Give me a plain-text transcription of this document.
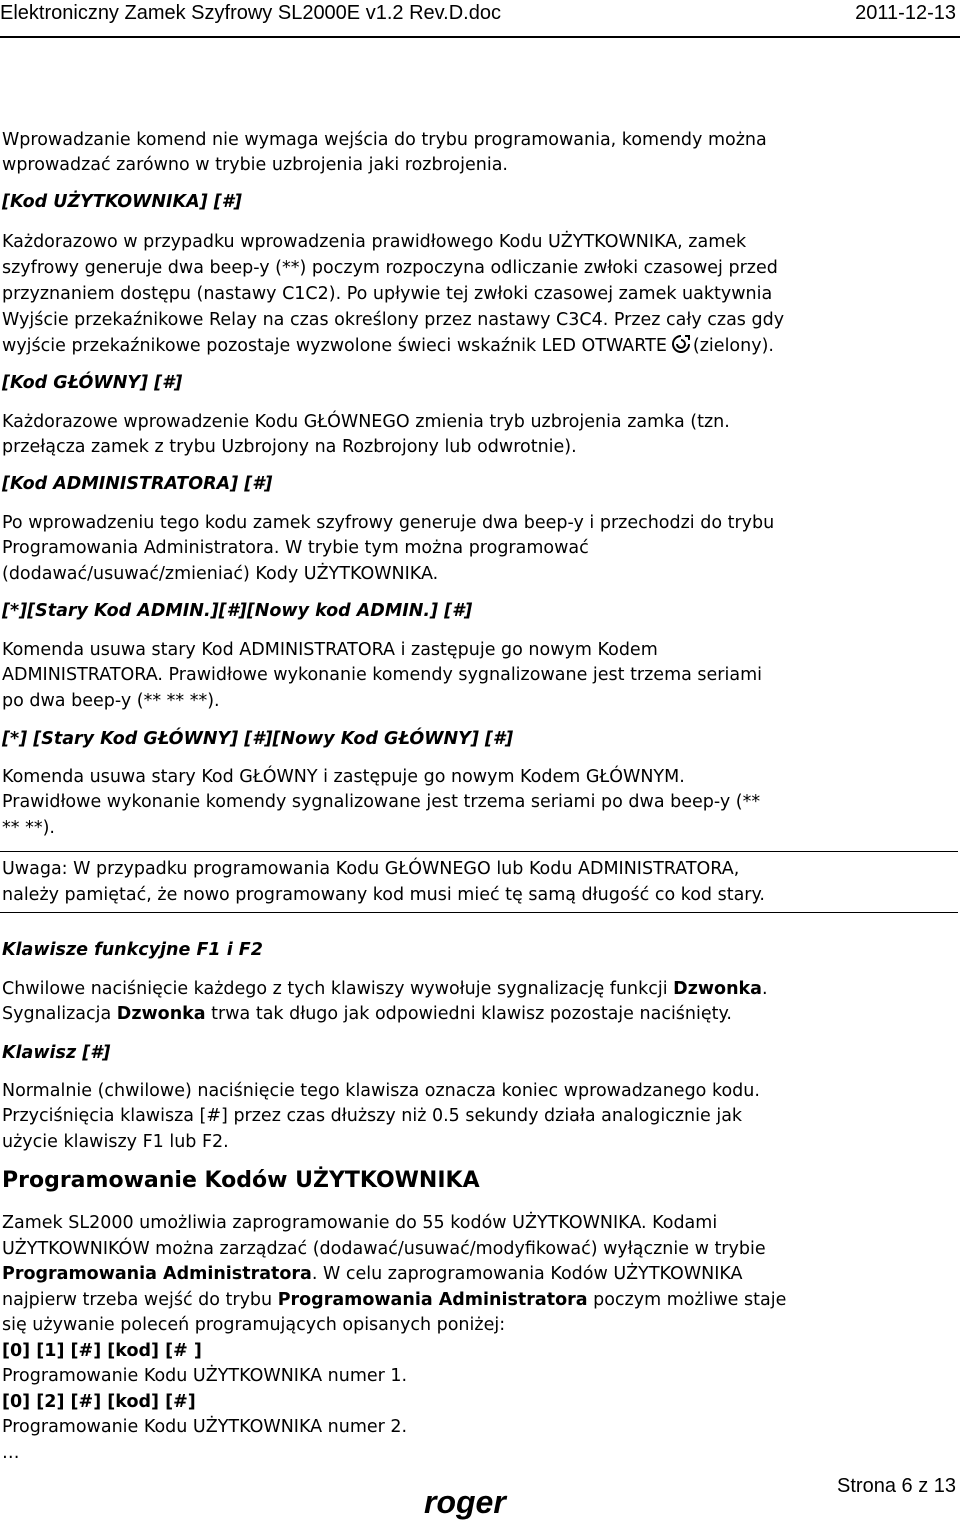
Elektroniczny Zamek Szyfrowy SL2000E v1.2 Rev.D.doc	2011-12-13
Wprowadzanie komend nie wymaga wejścia do trybu programowania, komendy można
wprowadzać zarówno w trybie uzbrojenia jaki rozbrojenia.
[Kod UŻYTKOWNIKA] [#]
Każdorazowo w przypadku wprowadzenia prawidłowego Kodu UŻYTKOWNIKA, zamek
szyfrowy generuje dwa beep-y (**) poczym rozpoczyna odliczanie zwłoki czasowej przed
przyznaniem dostępu (nastawy C1C2). Po upływie tej zwłoki czasowej zamek uaktywnia
Wyjście przekaźnikowe Relay na czas określony przez nastawy C3C4. Przez cały czas gdy
wyjście przekaźnikowe pozostaje wyzwolone świeci wskaźnik LED OTWARTE (zielony).
[Kod GŁÓWNY] [#]
Każdorazowe wprowadzenie Kodu GŁÓWNEGO zmienia tryb uzbrojenia zamka (tzn.
przełącza zamek z trybu Uzbrojony na Rozbrojony lub odwrotnie).
[Kod ADMINISTRATORA] [#]
Po wprowadzeniu tego kodu zamek szyfrowy generuje dwa beep-y i przechodzi do trybu
Programowania Administratora. W trybie tym można programować
(dodawać/usuwać/zmieniać) Kody UŻYTKOWNIKA.
[*][Stary Kod ADMIN.][#][Nowy kod ADMIN.] [#]
Komenda usuwa stary Kod ADMINISTRATORA i zastępuje go nowym Kodem
ADMINISTRATORA. Prawidłowe wykonanie komendy sygnalizowane jest trzema seriami
po dwa beep-y (** ** **).
[*] [Stary Kod GŁÓWNY] [#][Nowy Kod GŁÓWNY] [#]
Komenda usuwa stary Kod GŁÓWNY i zastępuje go nowym Kodem GŁÓWNYM.
Prawidłowe wykonanie komendy sygnalizowane jest trzema seriami po dwa beep-y (**
** **).
Uwaga: W przypadku programowania Kodu GŁÓWNEGO lub Kodu ADMINISTRATORA,
należy pamiętać, że nowo programowany kod musi mieć tę samą długość co kod stary.
Klawisze funkcyjne F1 i F2
Chwilowe naciśnięcie każdego z tych klawiszy wywołuje sygnalizację funkcji Dzwonka.
Sygnalizacja Dzwonka trwa tak długo jak odpowiedni klawisz pozostaje naciśnięty.
Klawisz [#]
Normalnie (chwilowe) naciśnięcie tego klawisza oznacza koniec wprowadzanego kodu.
Przyciśnięcia klawisza [#] przez czas dłuższy niż 0.5 sekundy działa analogicznie jak
użycie klawiszy F1 lub F2.
Programowanie Kodów UŻYTKOWNIKA
Zamek SL2000 umożliwia zaprogramowanie do 55 kodów UŻYTKOWNIKA. Kodami
UŻYTKOWNIKÓW można zarządzać (dodawać/usuwać/modyfikować) wyłącznie w trybie
Programowania Administratora. W celu zaprogramowania Kodów UŻYTKOWNIKA
najpierw trzeba wejść do trybu Programowania Administratora poczym możliwe staje
się używanie poleceń programujących opisanych poniżej:
[0] [1] [#] [kod] [# ]
Programowanie Kodu UŻYTKOWNIKA numer 1.
[0] [2] [#] [kod] [#]
Programowanie Kodu UŻYTKOWNIKA numer 2.
…
Strona 6 z 13
roger
